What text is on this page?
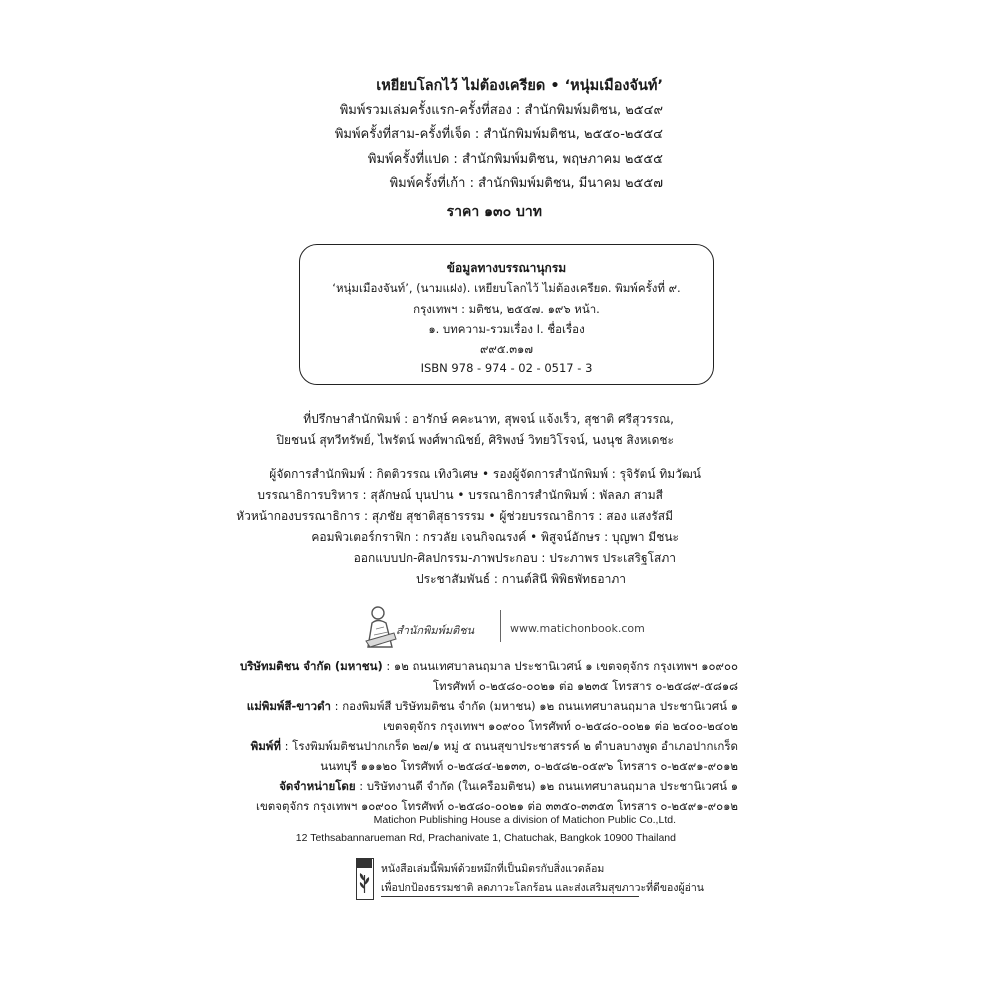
เหยียบโลกไว้ ไม่ต้องเครียด • ‘หนุ่มเมืองจันท์’
พิมพ์รวมเล่มครั้งแรก-ครั้งที่สอง : สำนักพิมพ์มติชน, ๒๕๔๙
พิมพ์ครั้งที่สาม-ครั้งที่เจ็ด : สำนักพิมพ์มติชน, ๒๕๕๐-๒๕๕๔
พิมพ์ครั้งที่แปด : สำนักพิมพ์มติชน, พฤษภาคม ๒๕๕๕
พิมพ์ครั้งที่เก้า : สำนักพิมพ์มติชน, มีนาคม ๒๕๕๗
ราคา ๑๓๐ บาท
ข้อมูลทางบรรณานุกรม
‘หนุ่มเมืองจันท์’, (นามแฝง). เหยียบโลกไว้ ไม่ต้องเครียด. พิมพ์ครั้งที่ ๙.
กรุงเทพฯ : มติชน, ๒๕๕๗. ๑๙๖ หน้า.
๑. บทความ-รวมเรื่อง I. ชื่อเรื่อง
๙๙๕.๓๑๗
ISBN 978 - 974 - 02 - 0517 - 3
ที่ปรึกษาสำนักพิมพ์ : อารักษ์ คคะนาท, สุพจน์ แจ้งเร็ว, สุชาติ ศรีสุวรรณ,
ปิยชนน์ สุทวีทรัพย์, ไพรัตน์ พงศ์พาณิชย์, ศิริพงษ์ วิทยวิโรจน์, นงนุช สิงหเดชะ
ผู้จัดการสำนักพิมพ์ : กิตติวรรณ เทิงวิเศษ • รองผู้จัดการสำนักพิมพ์ : รุจิรัตน์ ทิมวัฒน์
บรรณาธิการบริหาร : สุลักษณ์ บุนปาน • บรรณาธิการสำนักพิมพ์ : พัลลภ สามสี
หัวหน้ากองบรรณาธิการ : สุภชัย สุชาติสุธารรรม • ผู้ช่วยบรรณาธิการ : สอง แสงรัสมี
คอมพิวเตอร์กราฟิก : กรวลัย เจนกิจณรงค์ • พิสูจน์อักษร : บุญพา มีชนะ
ออกแบบปก-ศิลปกรรม-ภาพประกอบ : ประภาพร ประเสริฐโสภา
ประชาสัมพันธ์ : กานต์สินี พิพิธพัทธอาภา
สำนักพิมพ์มติชน	www.matichonbook.com
บริษัทมติชน จำกัด (มหาชน) : ๑๒ ถนนเทศบาลนฤมาล ประชานิเวศน์ ๑ เขตจตุจักร กรุงเทพฯ ๑๐๙๐๐
โทรศัพท์ ๐-๒๕๘๐-๐๐๒๑ ต่อ ๑๒๓๕ โทรสาร ๐-๒๕๘๙-๕๘๑๘
แม่พิมพ์สี-ขาวดำ : กองพิมพ์สี บริษัทมติชน จำกัด (มหาชน) ๑๒ ถนนเทศบาลนฤมาล ประชานิเวศน์ ๑
เขตจตุจักร กรุงเทพฯ ๑๐๙๐๐ โทรศัพท์ ๐-๒๕๘๐-๐๐๒๑ ต่อ ๒๔๐๐-๒๔๐๒
พิมพ์ที่ : โรงพิมพ์มติชนปากเกร็ด ๒๗/๑ หมู่ ๕ ถนนสุขาประชาสรรค์ ๒ ตำบลบางพูด อำเภอปากเกร็ด
นนทบุรี ๑๑๑๒๐ โทรศัพท์ ๐-๒๕๘๔-๒๑๓๓, ๐-๒๕๘๒-๐๕๙๖ โทรสาร ๐-๒๕๙๑-๙๐๑๒
จัดจำหน่ายโดย : บริษัทงานดี จำกัด (ในเครือมติชน) ๑๒ ถนนเทศบาลนฤมาล ประชานิเวศน์ ๑
เขตจตุจักร กรุงเทพฯ ๑๐๙๐๐ โทรศัพท์ ๐-๒๕๘๐-๐๐๒๑ ต่อ ๓๓๕๐-๓๓๕๓ โทรสาร ๐-๒๕๙๑-๙๐๑๒
Matichon Publishing House a division of Matichon Public Co.,Ltd.
12 Tethsabannarueman Rd, Prachanivate 1, Chatuchak, Bangkok 10900 Thailand
หนังสือเล่มนี้พิมพ์ด้วยหมึกที่เป็นมิตรกับสิ่งแวดล้อม
เพื่อปกป้องธรรมชาติ ลดภาวะโลกร้อน และส่งเสริมสุขภาวะที่ดีของผู้อ่าน
